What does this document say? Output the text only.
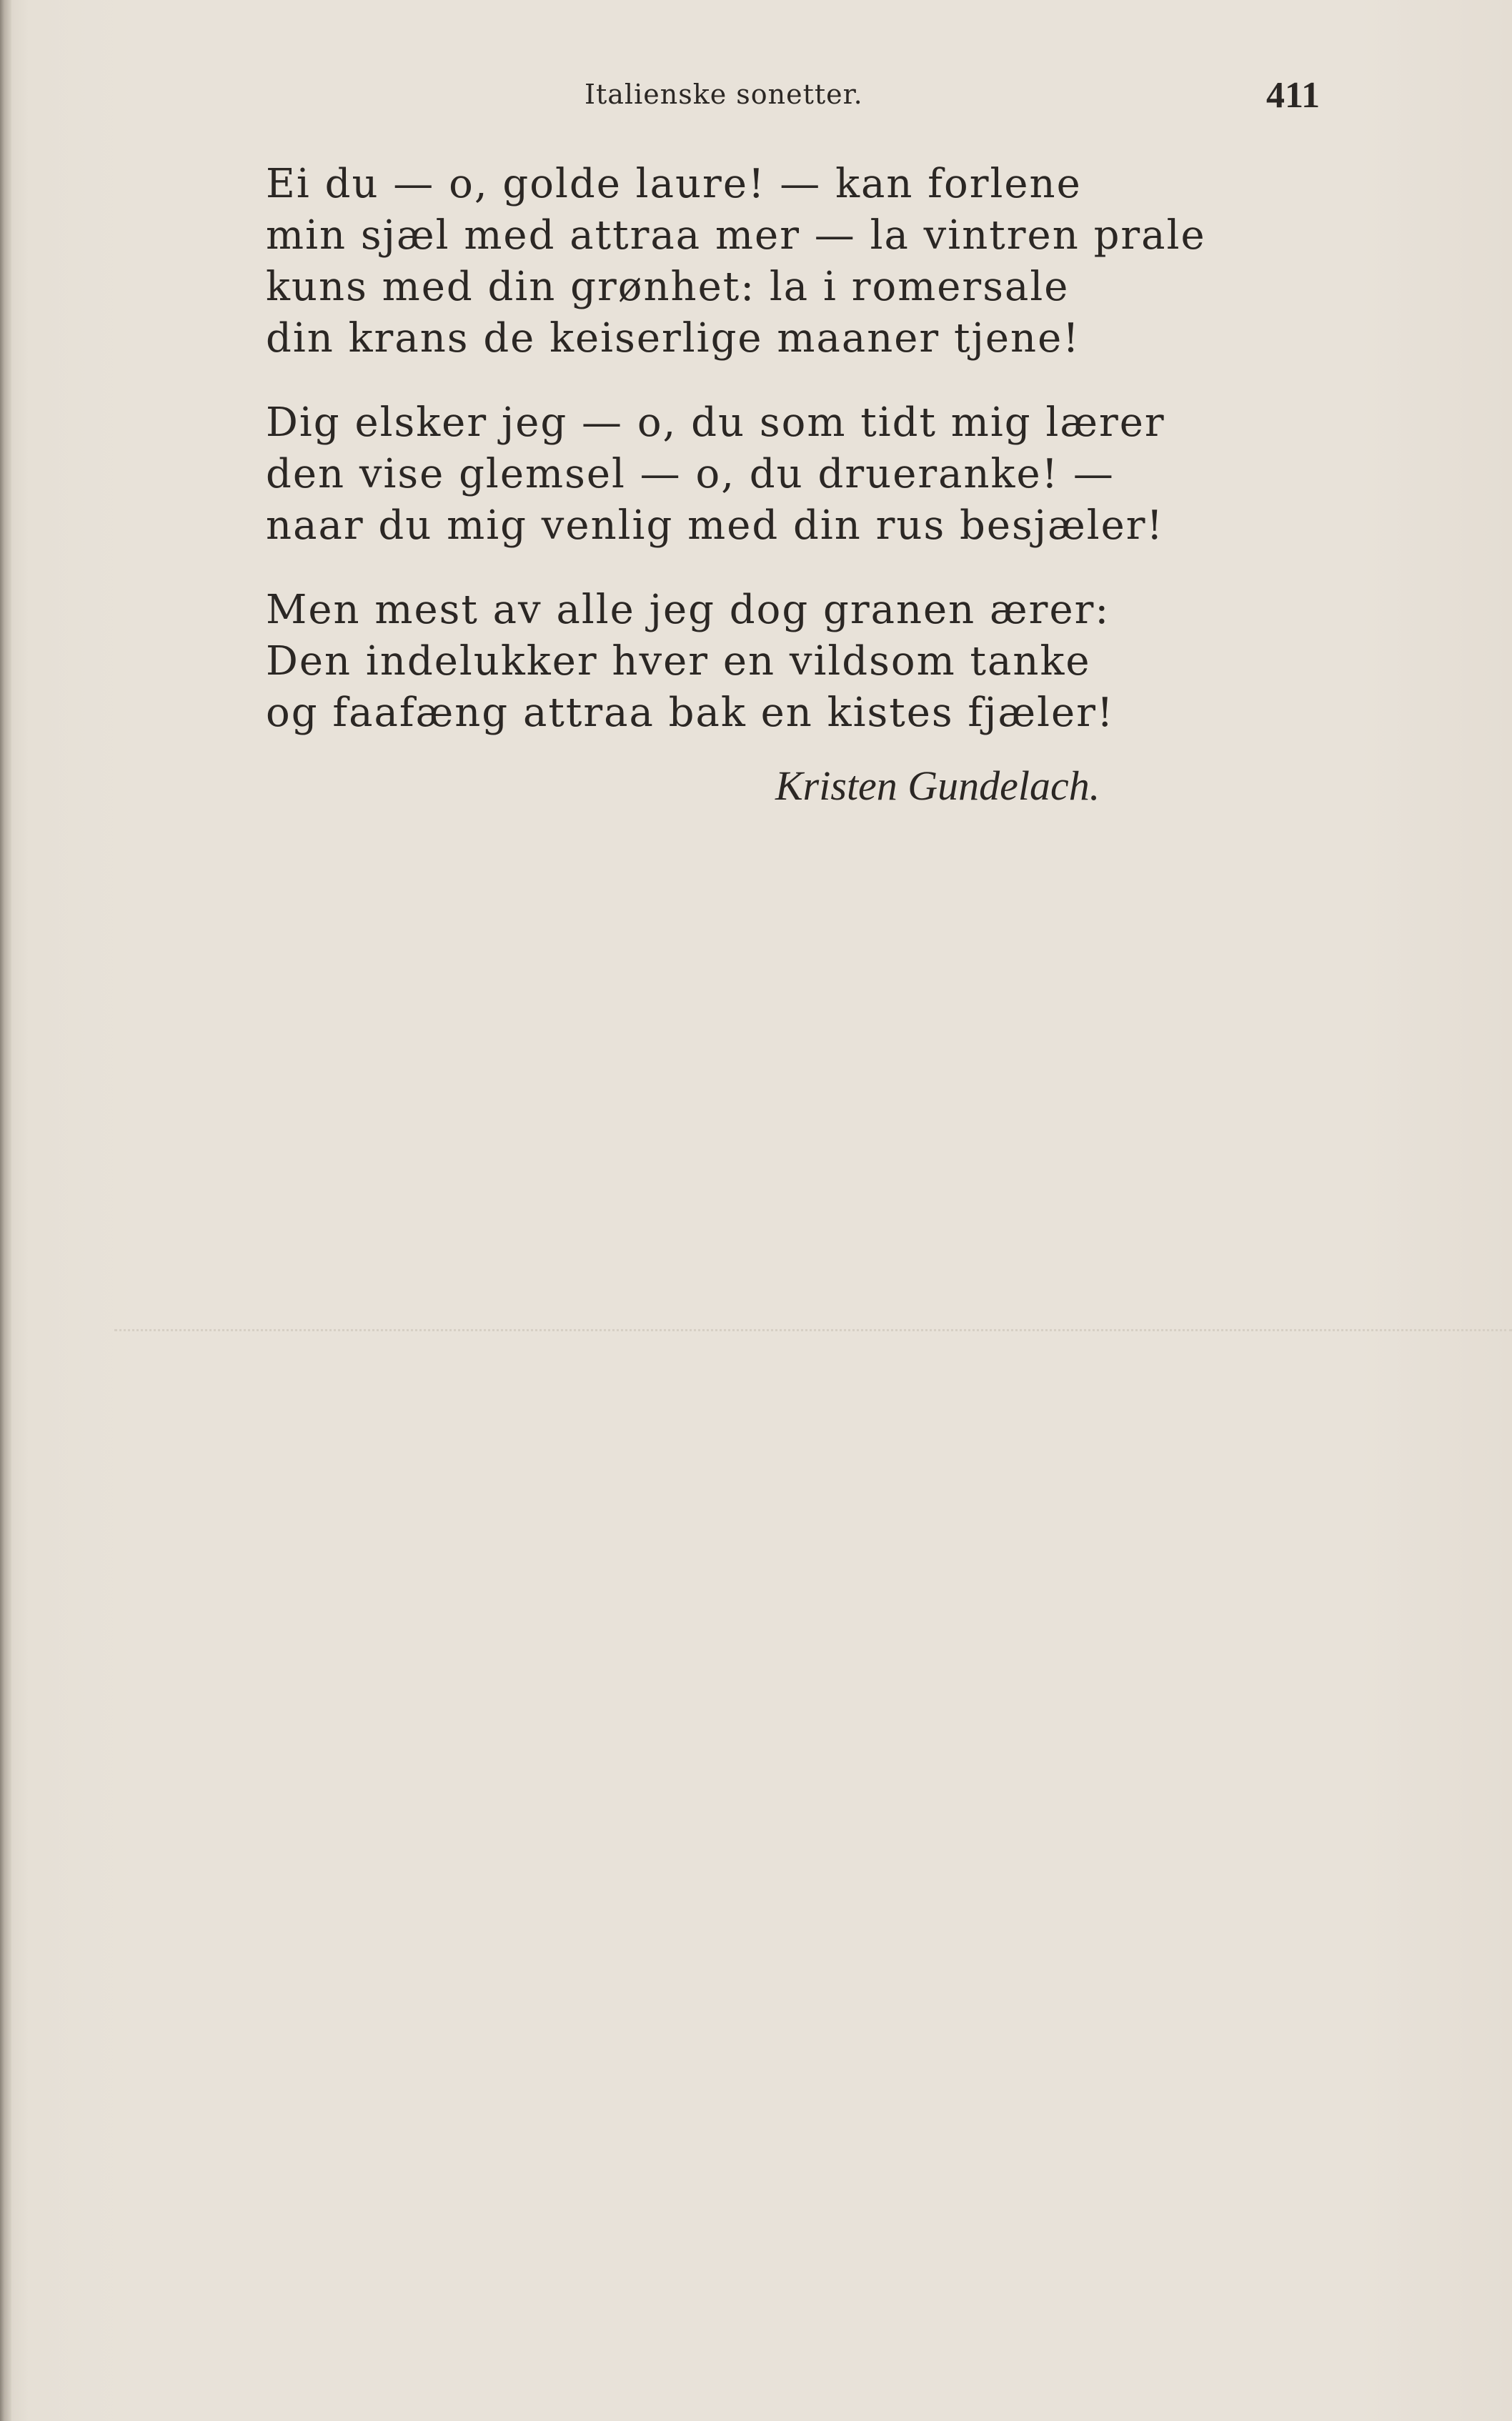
Italienske sonetter.	411
Ei du — o, golde laure! — kan forlene
min sjæl med attraa mer — la vintren prale
kuns med din grønhet: la i romersale
din krans de keiserlige maaner tjene!
Dig elsker jeg — o, du som tidt mig lærer
den vise glemsel — o, du drueranke! —
naar du mig venlig med din rus besjæler!
Men mest av alle jeg dog granen ærer:
Den indelukker hver en vildsom tanke
og faafæng attraa bak en kistes fjæler!
Kristen Gundelach.
